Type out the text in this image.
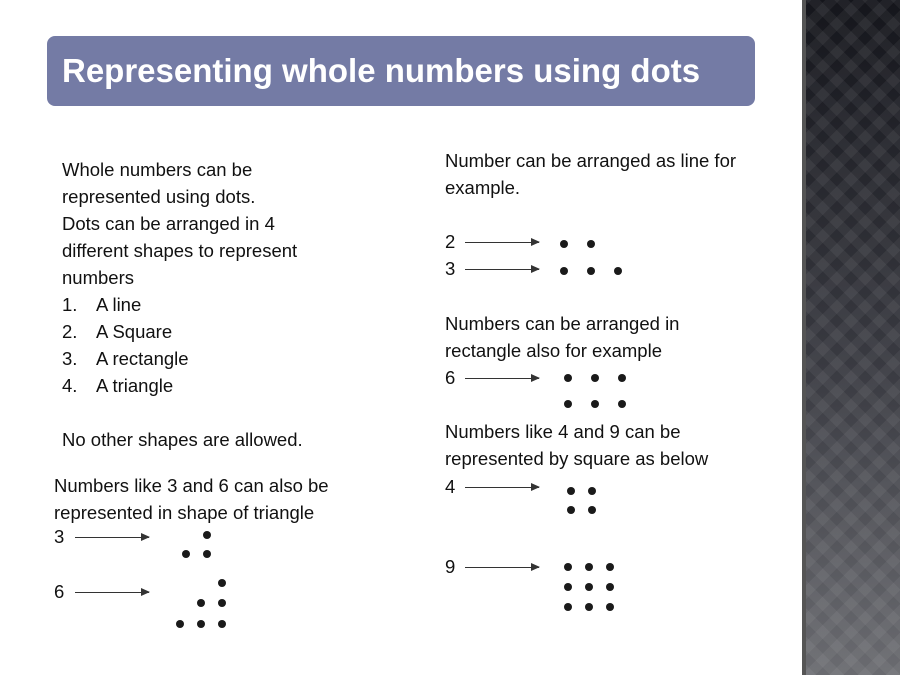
Representing whole numbers using dots
Whole numbers can be
represented using dots.
Dots can be arranged in 4
different shapes to represent
numbers
1. A line
2. A Square
3. A rectangle
4. A triangle
No other shapes are allowed.
Numbers like 3 and 6 can also be
represented in shape of triangle
3
6
Number can be arranged as line for
example.
2
3
Numbers can be arranged in
rectangle also for example
6
Numbers like 4 and 9 can be
represented by square as below
4
9
